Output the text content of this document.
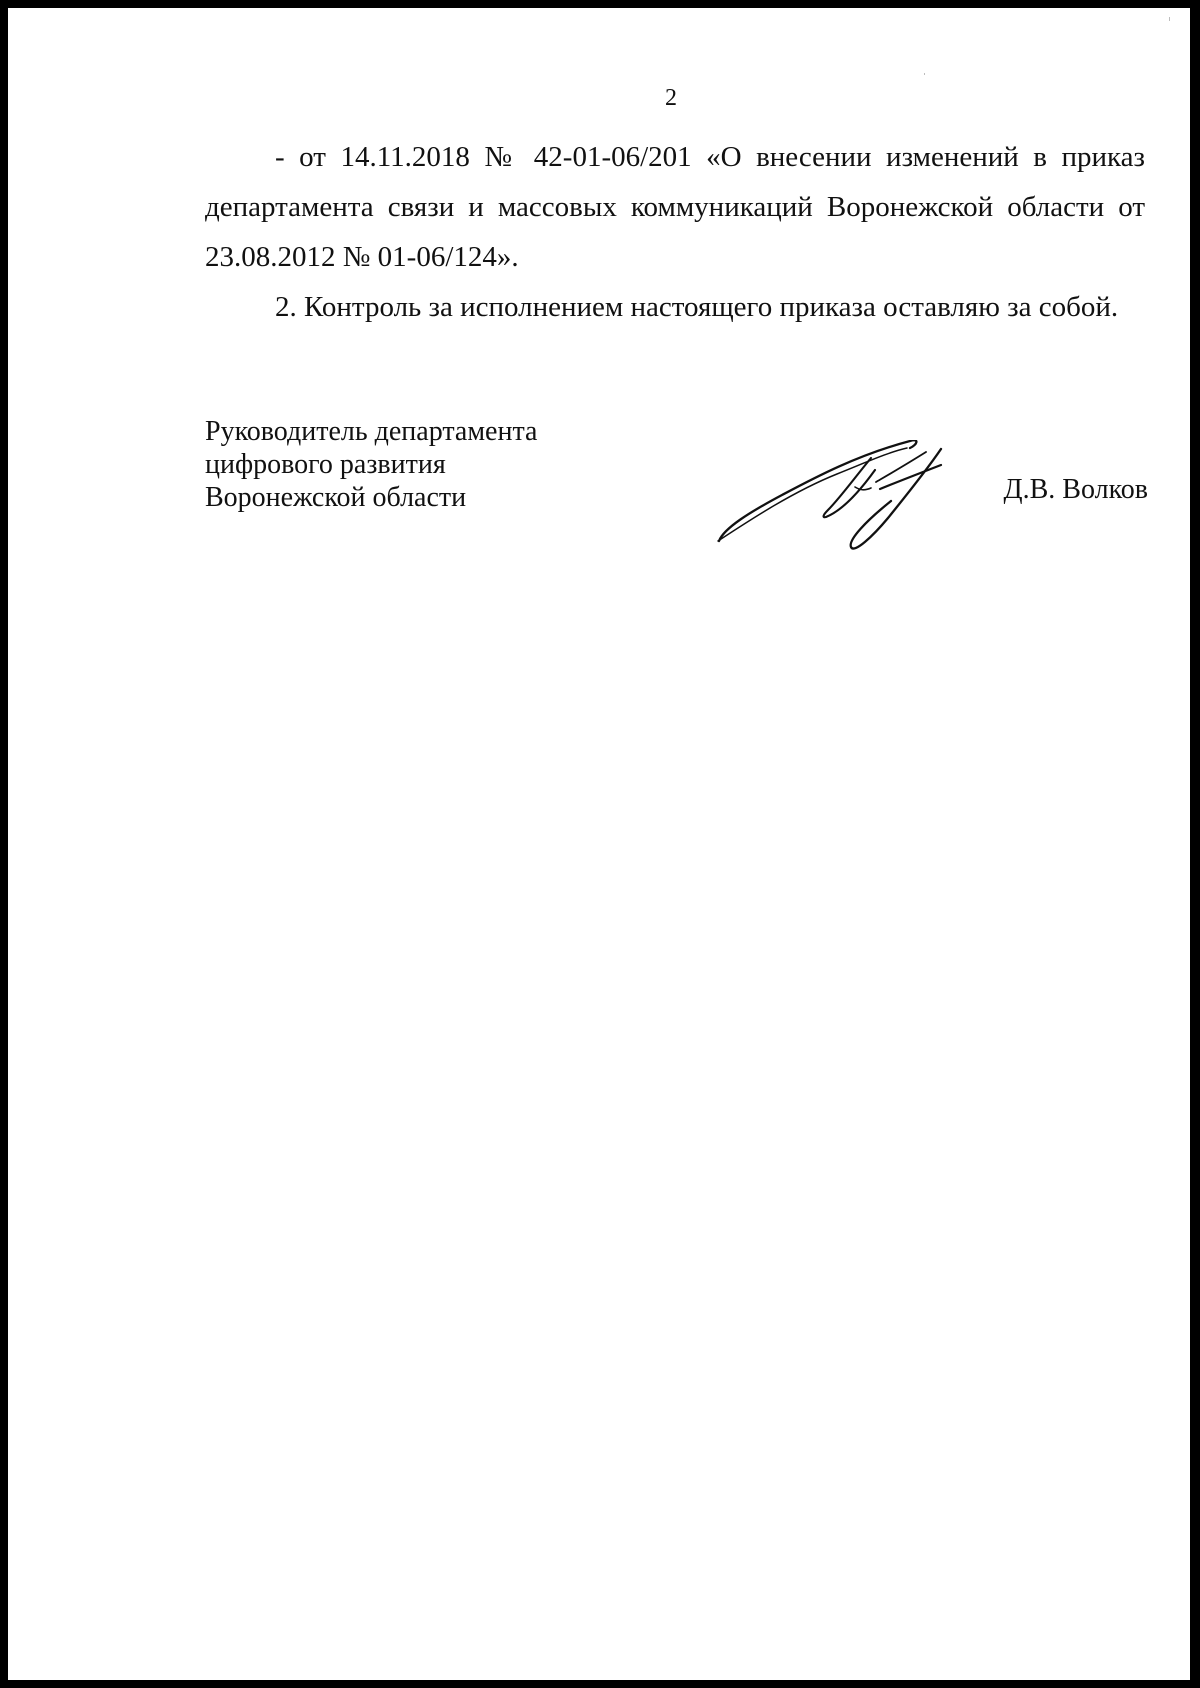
2

- от 14.11.2018 № 42-01-06/201 «О внесении изменений в приказ департамента связи и массовых коммуникаций Воронежской области от 23.08.2012 № 01-06/124».

2. Контроль за исполнением настоящего приказа оставляю за собой.

Руководитель департамента
цифрового развития
Воронежской области	Д.В. Волков
